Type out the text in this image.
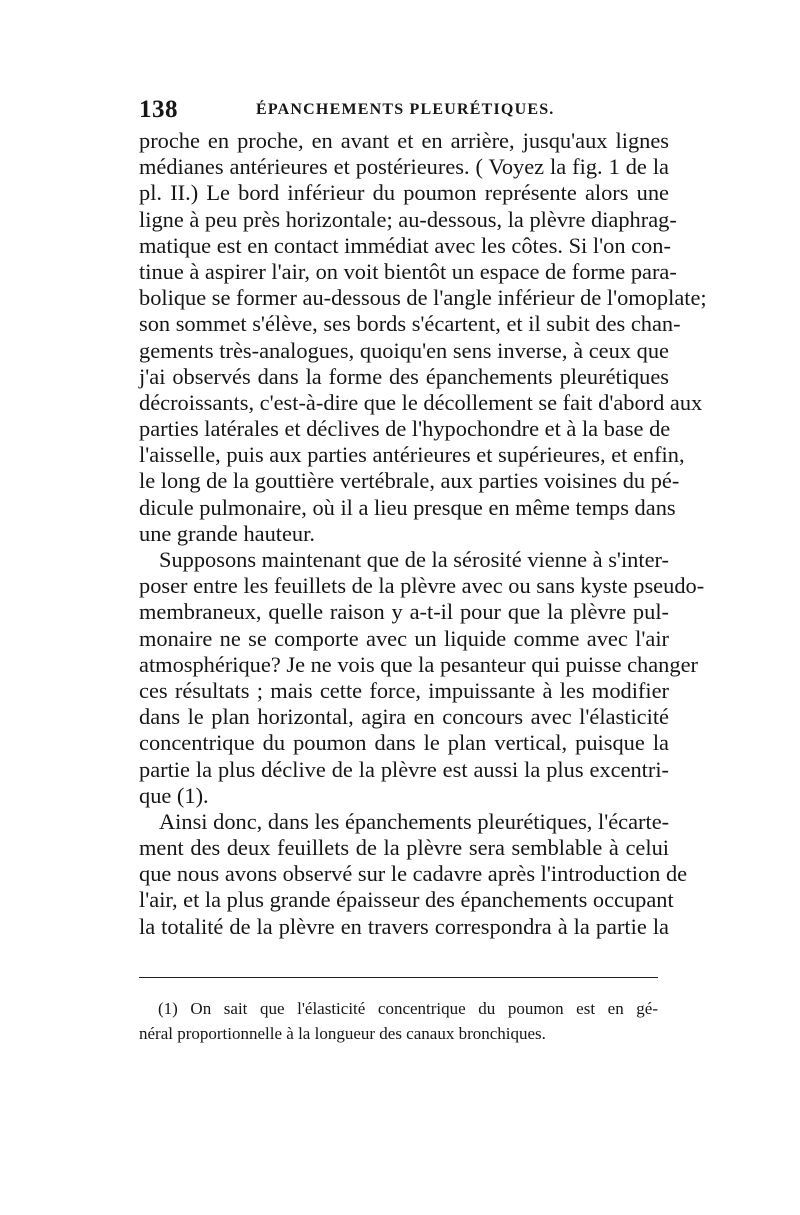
138	ÉPANCHEMENTS PLEURÉTIQUES.
proche en proche, en avant et en arrière, jusqu'aux lignes
médianes antérieures et postérieures. ( Voyez la fig. 1 de la
pl. II.) Le bord inférieur du poumon représente alors une
ligne à peu près horizontale; au-dessous, la plèvre diaphrag-
matique est en contact immédiat avec les côtes. Si l'on con-
tinue à aspirer l'air, on voit bientôt un espace de forme para-
bolique se former au-dessous de l'angle inférieur de l'omoplate;
son sommet s'élève, ses bords s'écartent, et il subit des chan-
gements très-analogues, quoiqu'en sens inverse, à ceux que
j'ai observés dans la forme des épanchements pleurétiques
décroissants, c'est-à-dire que le décollement se fait d'abord aux
parties latérales et déclives de l'hypochondre et à la base de
l'aisselle, puis aux parties antérieures et supérieures, et enfin,
le long de la gouttière vertébrale, aux parties voisines du pé-
dicule pulmonaire, où il a lieu presque en même temps dans
une grande hauteur.
Supposons maintenant que de la sérosité vienne à s'inter-
poser entre les feuillets de la plèvre avec ou sans kyste pseudo-
membraneux, quelle raison y a-t-il pour que la plèvre pul-
monaire ne se comporte avec un liquide comme avec l'air
atmosphérique? Je ne vois que la pesanteur qui puisse changer
ces résultats ; mais cette force, impuissante à les modifier
dans le plan horizontal, agira en concours avec l'élasticité
concentrique du poumon dans le plan vertical, puisque la
partie la plus déclive de la plèvre est aussi la plus excentri-
que (1).
Ainsi donc, dans les épanchements pleurétiques, l'écarte-
ment des deux feuillets de la plèvre sera semblable à celui
que nous avons observé sur le cadavre après l'introduction de
l'air, et la plus grande épaisseur des épanchements occupant
la totalité de la plèvre en travers correspondra à la partie la
(1) On sait que l'élasticité concentrique du poumon est en gé-
néral proportionnelle à la longueur des canaux bronchiques.
